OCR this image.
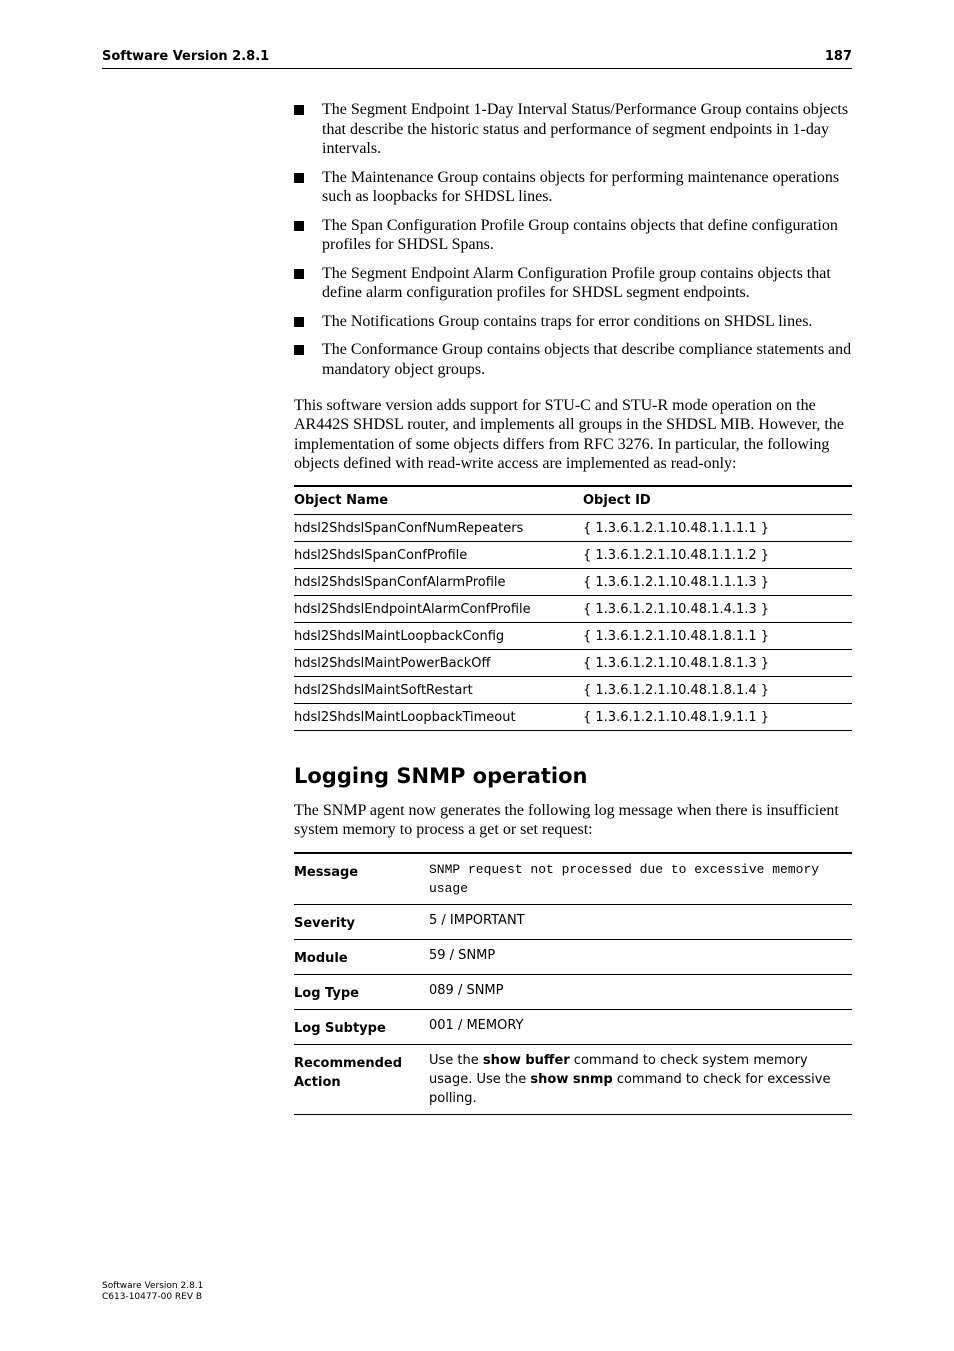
Software Version 2.8.1	187
The Segment Endpoint 1-Day Interval Status/Performance Group contains objects that describe the historic status and performance of segment endpoints in 1-day intervals.
The Maintenance Group contains objects for performing maintenance operations such as loopbacks for SHDSL lines.
The Span Configuration Profile Group contains objects that define configuration profiles for SHDSL Spans.
The Segment Endpoint Alarm Configuration Profile group contains objects that define alarm configuration profiles for SHDSL segment endpoints.
The Notifications Group contains traps for error conditions on SHDSL lines.
The Conformance Group contains objects that describe compliance statements and mandatory object groups.

This software version adds support for STU-C and STU-R mode operation on the AR442S SHDSL router, and implements all groups in the SHDSL MIB. However, the implementation of some objects differs from RFC 3276. In particular, the following objects defined with read-write access are implemented as read-only:

Object Name	Object ID
hdsl2ShdslSpanConfNumRepeaters	{ 1.3.6.1.2.1.10.48.1.1.1.1 }
hdsl2ShdslSpanConfProfile	{ 1.3.6.1.2.1.10.48.1.1.1.2 }
hdsl2ShdslSpanConfAlarmProfile	{ 1.3.6.1.2.1.10.48.1.1.1.3 }
hdsl2ShdslEndpointAlarmConfProfile	{ 1.3.6.1.2.1.10.48.1.4.1.3 }
hdsl2ShdslMaintLoopbackConfig	{ 1.3.6.1.2.1.10.48.1.8.1.1 }
hdsl2ShdslMaintPowerBackOff	{ 1.3.6.1.2.1.10.48.1.8.1.3 }
hdsl2ShdslMaintSoftRestart	{ 1.3.6.1.2.1.10.48.1.8.1.4 }
hdsl2ShdslMaintLoopbackTimeout	{ 1.3.6.1.2.1.10.48.1.9.1.1 }
Logging SNMP operation

The SNMP agent now generates the following log message when there is insufficient system memory to process a get or set request:

Message	SNMP request not processed due to excessive memory usage
Severity	5 / IMPORTANT
Module	59 / SNMP
Log Type	089 / SNMP
Log Subtype	001 / MEMORY
Recommended
Action	Use the show buffer command to check system memory usage. Use the show snmp command to check for excessive polling.
Software Version 2.8.1
C613-10477-00 REV B
